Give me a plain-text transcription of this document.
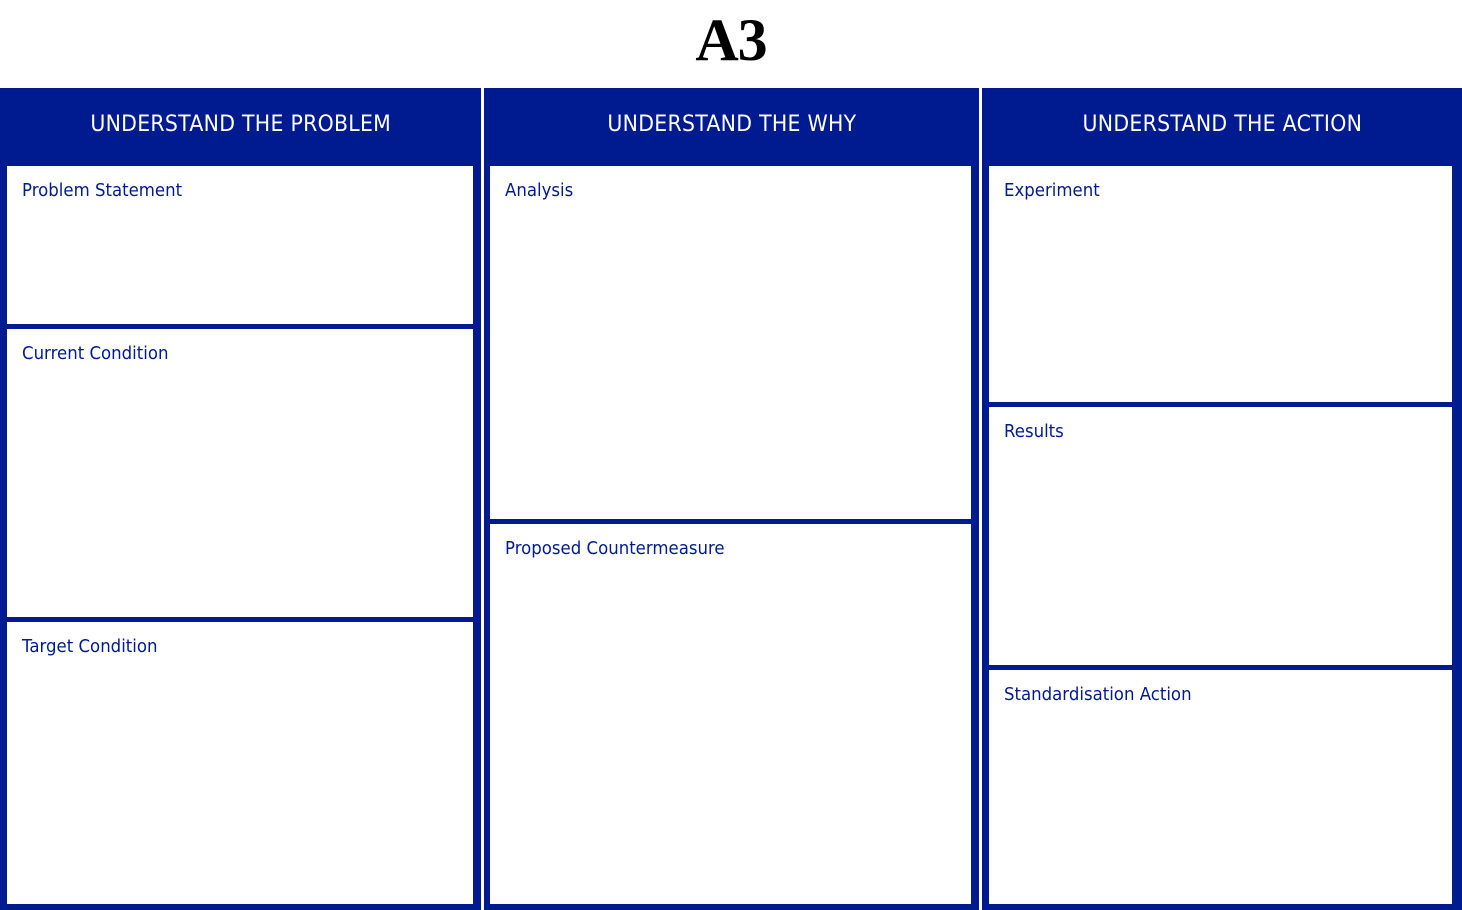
A3
UNDERSTAND THE PROBLEM
Problem Statement
Current Condition
Target Condition
UNDERSTAND THE WHY
Analysis
Proposed Countermeasure
UNDERSTAND THE ACTION
Experiment
Results
Standardisation Action
